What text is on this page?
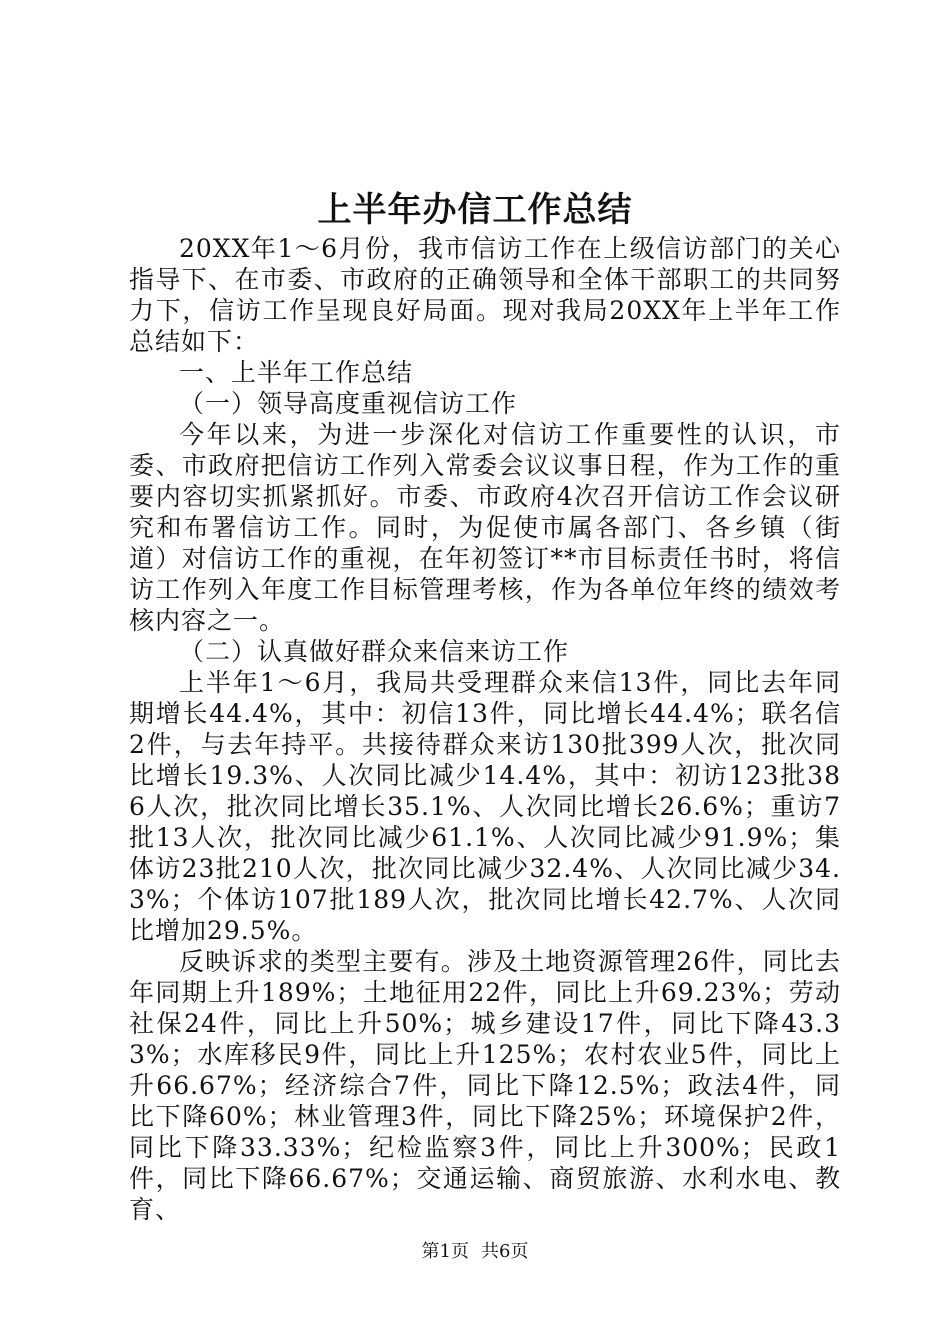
上半年办信工作总结

20XX年1～6月份，我市信访工作在上级信访部门的关心指导下、在市委、市政府的正确领导和全体干部职工的共同努力下，信访工作呈现良好局面。现对我局20XX年上半年工作总结如下：

一、上半年工作总结

（一）领导高度重视信访工作

今年以来，为进一步深化对信访工作重要性的认识，市委、市政府把信访工作列入常委会议议事日程，作为工作的重要内容切实抓紧抓好。市委、市政府4次召开信访工作会议研究和布署信访工作。同时，为促使市属各部门、各乡镇（街道）对信访工作的重视，在年初签订**市目标责任书时，将信访工作列入年度工作目标管理考核，作为各单位年终的绩效考核内容之一。

（二）认真做好群众来信来访工作

上半年1～6月，我局共受理群众来信13件，同比去年同期增长44.4%，其中：初信13件，同比增长44.4%；联名信2件，与去年持平。共接待群众来访130批399人次，批次同比增长19.3%、人次同比减少14.4%，其中：初访123批386人次，批次同比增长35.1%、人次同比增长26.6%；重访7批13人次，批次同比减少61.1%、人次同比减少91.9%；集体访23批210人次，批次同比减少32.4%、人次同比减少34.3%；个体访107批189人次，批次同比增长42.7%、人次同比增加29.5%。

反映诉求的类型主要有。涉及土地资源管理26件，同比去年同期上升189%；土地征用22件，同比上升69.23%；劳动社保24件，同比上升50%；城乡建设17件，同比下降43.33%；水库移民9件，同比上升125%；农村农业5件，同比上升66.67%；经济综合7件，同比下降12.5%；政法4件，同比下降60%；林业管理3件，同比下降25%；环境保护2件，同比下降33.33%；纪检监察3件，同比上升300%；民政1件，同比下降66.67%；交通运输、商贸旅游、水利水电、教育、

第1页 共6页
